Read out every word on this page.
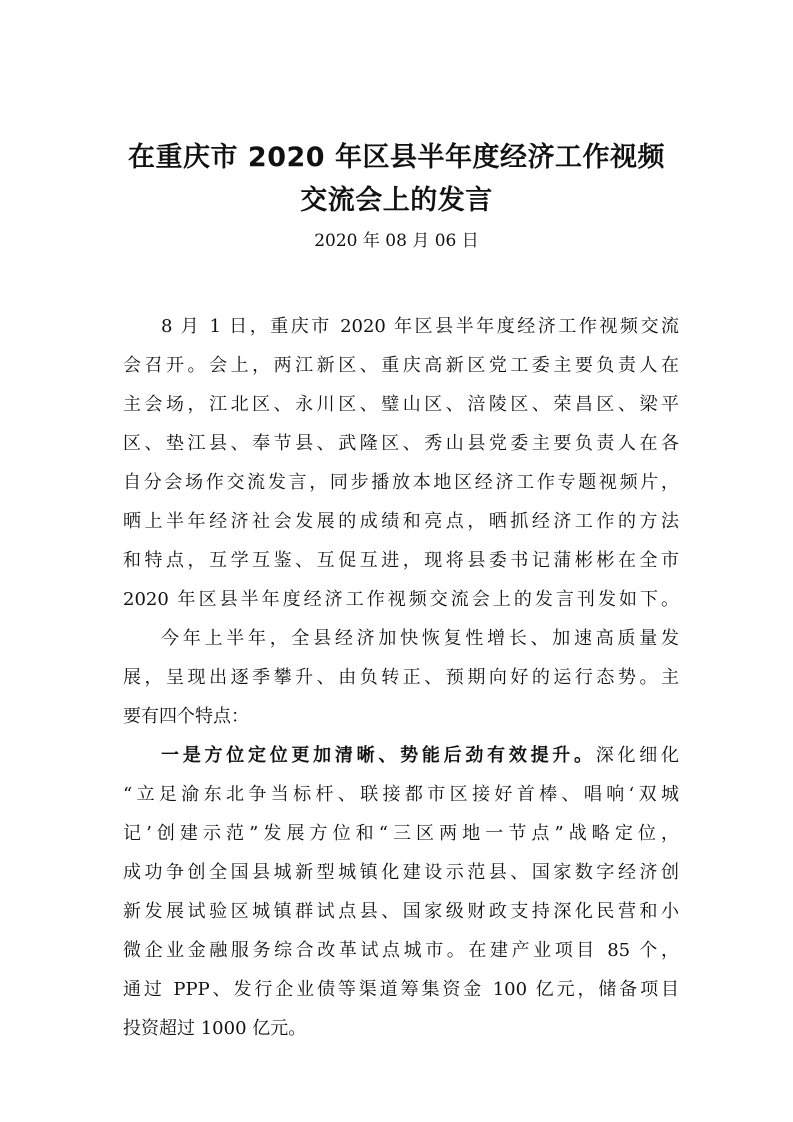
在重庆市 2020 年区县半年度经济工作视频
交流会上的发言
2020 年 08 月 06 日
8 月 1 日，重庆市 2020 年区县半年度经济工作视频交流
会召开。会上，两江新区、重庆高新区党工委主要负责人在
主会场，江北区、永川区、璧山区、涪陵区、荣昌区、梁平
区、垫江县、奉节县、武隆区、秀山县党委主要负责人在各
自分会场作交流发言，同步播放本地区经济工作专题视频片，
晒上半年经济社会发展的成绩和亮点，晒抓经济工作的方法
和特点，互学互鉴、互促互进，现将县委书记蒲彬彬在全市
2020 年区县半年度经济工作视频交流会上的发言刊发如下。
今年上半年，全县经济加快恢复性增长、加速高质量发
展，呈现出逐季攀升、由负转正、预期向好的运行态势。主
要有四个特点：
一是方位定位更加清晰、势能后劲有效提升。深化细化
“立足渝东北争当标杆、联接都市区接好首棒、唱响‘双城
记’创建示范”发展方位和“三区两地一节点”战略定位，
成功争创全国县城新型城镇化建设示范县、国家数字经济创
新发展试验区城镇群试点县、国家级财政支持深化民营和小
微企业金融服务综合改革试点城市。在建产业项目 85 个，
通过 PPP、发行企业债等渠道筹集资金 100 亿元，储备项目
投资超过 1000 亿元。
